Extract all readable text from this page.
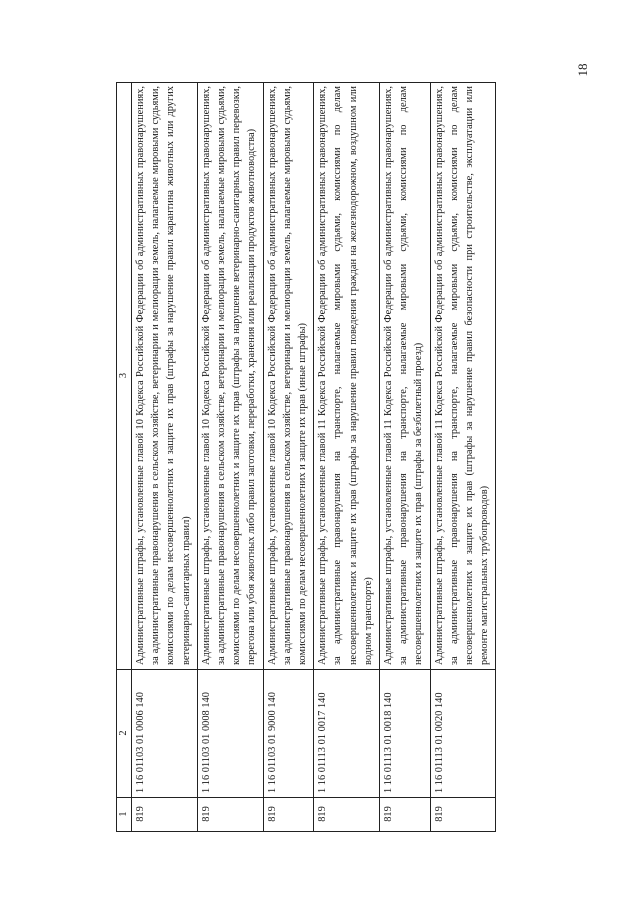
18
1	2	3
819	1 16 01103 01 0006 140	Административные штрафы, установленные главой 10 Кодекса Российской Федерации об административных правонарушениях, за административные правонарушения в сельском хозяйстве, ветеринарии и мелиорации земель, налагаемые мировыми судьями, комиссиями по делам несовершеннолетних и защите их прав (штрафы за нарушение правил карантина животных или других ветеринарно-санитарных правил)
819	1 16 01103 01 0008 140	Административные штрафы, установленные главой 10 Кодекса Российской Федерации об административных правонарушениях, за административные правонарушения в сельском хозяйстве, ветеринарии и мелиорации земель, налагаемые мировыми судьями, комиссиями по делам несовершеннолетних и защите их прав (штрафы за нарушение ветеринарно-санитарных правил перевозки, перегона или убоя животных либо правил заготовки, переработки, хранения или реализации продуктов животноводства)
819	1 16 01103 01 9000 140	Административные штрафы, установленные главой 10 Кодекса Российской Федерации об административных правонарушениях, за административные правонарушения в сельском хозяйстве, ветеринарии и мелиорации земель, налагаемые мировыми судьями, комиссиями по делам несовершеннолетних и защите их прав (иные штрафы)
819	1 16 01113 01 0017 140	Административные штрафы, установленные главой 11 Кодекса Российской Федерации об административных правонарушениях, за административные правонарушения на транспорте, налагаемые мировыми судьями, комиссиями по делам несовершеннолетних и защите их прав (штрафы за нарушение правил поведения граждан на железнодорожном, воздушном или водном транспорте)
819	1 16 01113 01 0018 140	Административные штрафы, установленные главой 11 Кодекса Российской Федерации об административных правонарушениях, за административные правонарушения на транспорте, налагаемые мировыми судьями, комиссиями по делам несовершеннолетних и защите их прав (штрафы за безбилетный проезд)
819	1 16 01113 01 0020 140	Административные штрафы, установленные главой 11 Кодекса Российской Федерации об административных правонарушениях, за административные правонарушения на транспорте, налагаемые мировыми судьями, комиссиями по делам несовершеннолетних и защите их прав (штрафы за нарушение правил безопасности при строительстве, эксплуатации или ремонте магистральных трубопроводов)
